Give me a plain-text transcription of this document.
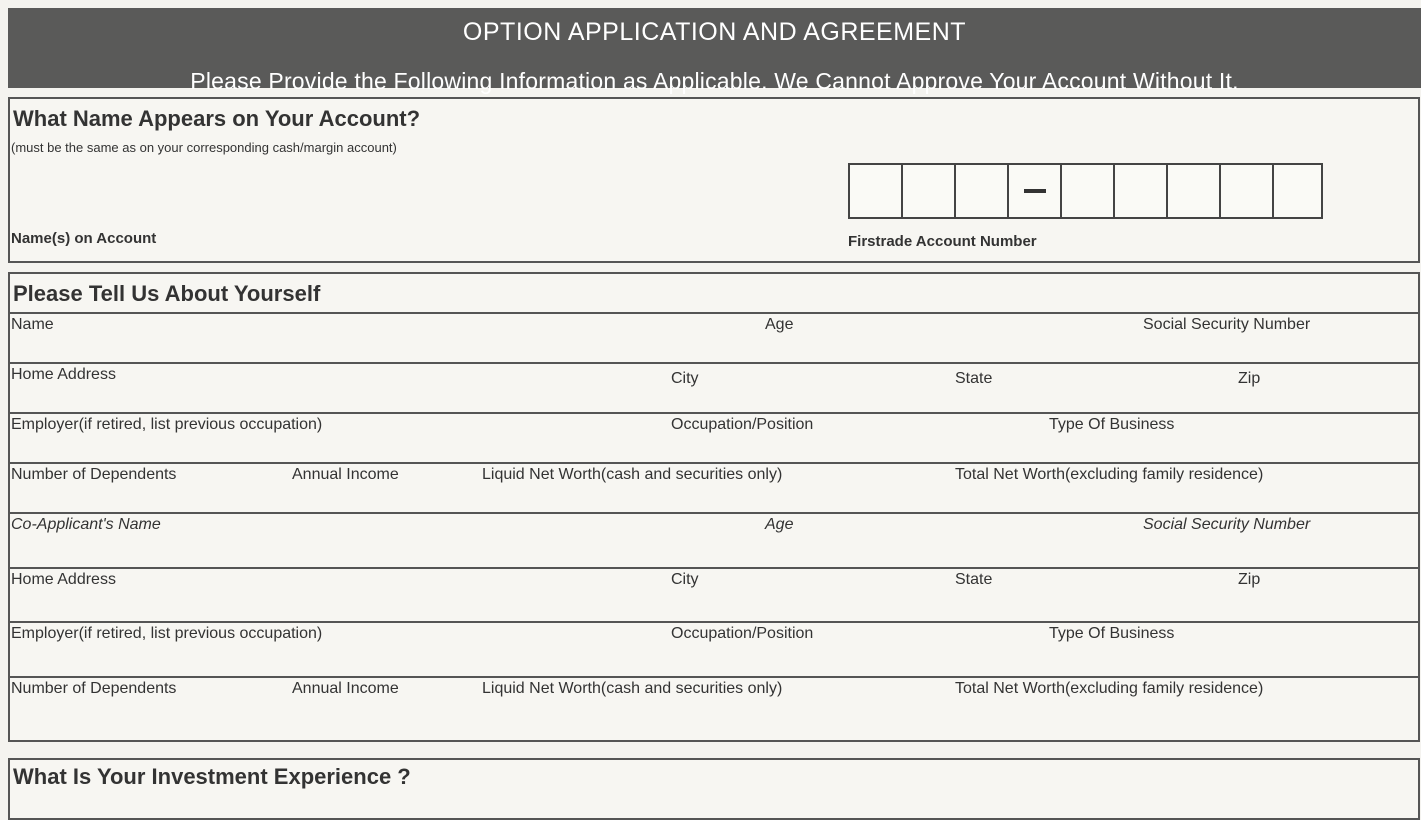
OPTION APPLICATION AND AGREEMENT
Please Provide the Following Information as Applicable. We Cannot Approve Your Account Without It.
What Name Appears on Your Account?
(must be the same as on your corresponding cash/margin account)
Name(s) on Account	Firstrade Account Number
Please Tell Us About Yourself
Name	Age	Social Security Number
Home Address	City	State	Zip
Employer(if retired, list previous occupation)	Occupation/Position	Type Of Business
Number of Dependents	Annual Income	Liquid Net Worth(cash and securities only)	Total Net Worth(excluding family residence)
Co-Applicant's Name	Age	Social Security Number
Home Address	City	State	Zip
Employer(if retired, list previous occupation)	Occupation/Position	Type Of Business
Number of Dependents	Annual Income	Liquid Net Worth(cash and securities only)	Total Net Worth(excluding family residence)
What Is Your Investment Experience ?
